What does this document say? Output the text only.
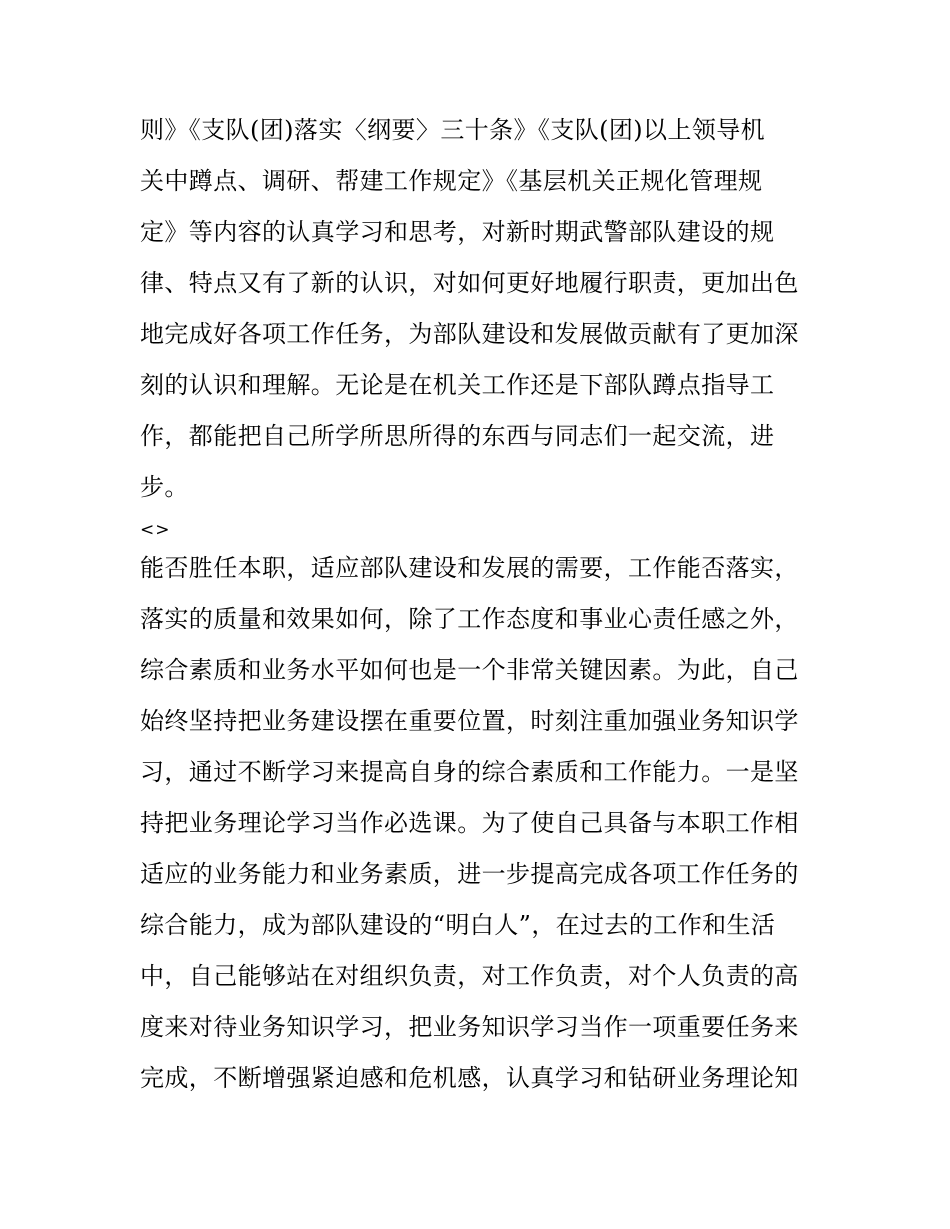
则》《支队(团)落实〈纲要〉三十条》《支队(团)以上领导机
关中蹲点、调研、帮建工作规定》《基层机关正规化管理规
定》等内容的认真学习和思考，对新时期武警部队建设的规
律、特点又有了新的认识，对如何更好地履行职责，更加出色
地完成好各项工作任务，为部队建设和发展做贡献有了更加深
刻的认识和理解。无论是在机关工作还是下部队蹲点指导工
作，都能把自己所学所思所得的东西与同志们一起交流，进
步。
<>
能否胜任本职，适应部队建设和发展的需要，工作能否落实，
落实的质量和效果如何，除了工作态度和事业心责任感之外，
综合素质和业务水平如何也是一个非常关键因素。为此，自己
始终坚持把业务建设摆在重要位置，时刻注重加强业务知识学
习，通过不断学习来提高自身的综合素质和工作能力。一是坚
持把业务理论学习当作必选课。为了使自己具备与本职工作相
适应的业务能力和业务素质，进一步提高完成各项工作任务的
综合能力，成为部队建设的“明白人”，在过去的工作和生活
中，自己能够站在对组织负责，对工作负责，对个人负责的高
度来对待业务知识学习，把业务知识学习当作一项重要任务来
完成，不断增强紧迫感和危机感，认真学习和钻研业务理论知
